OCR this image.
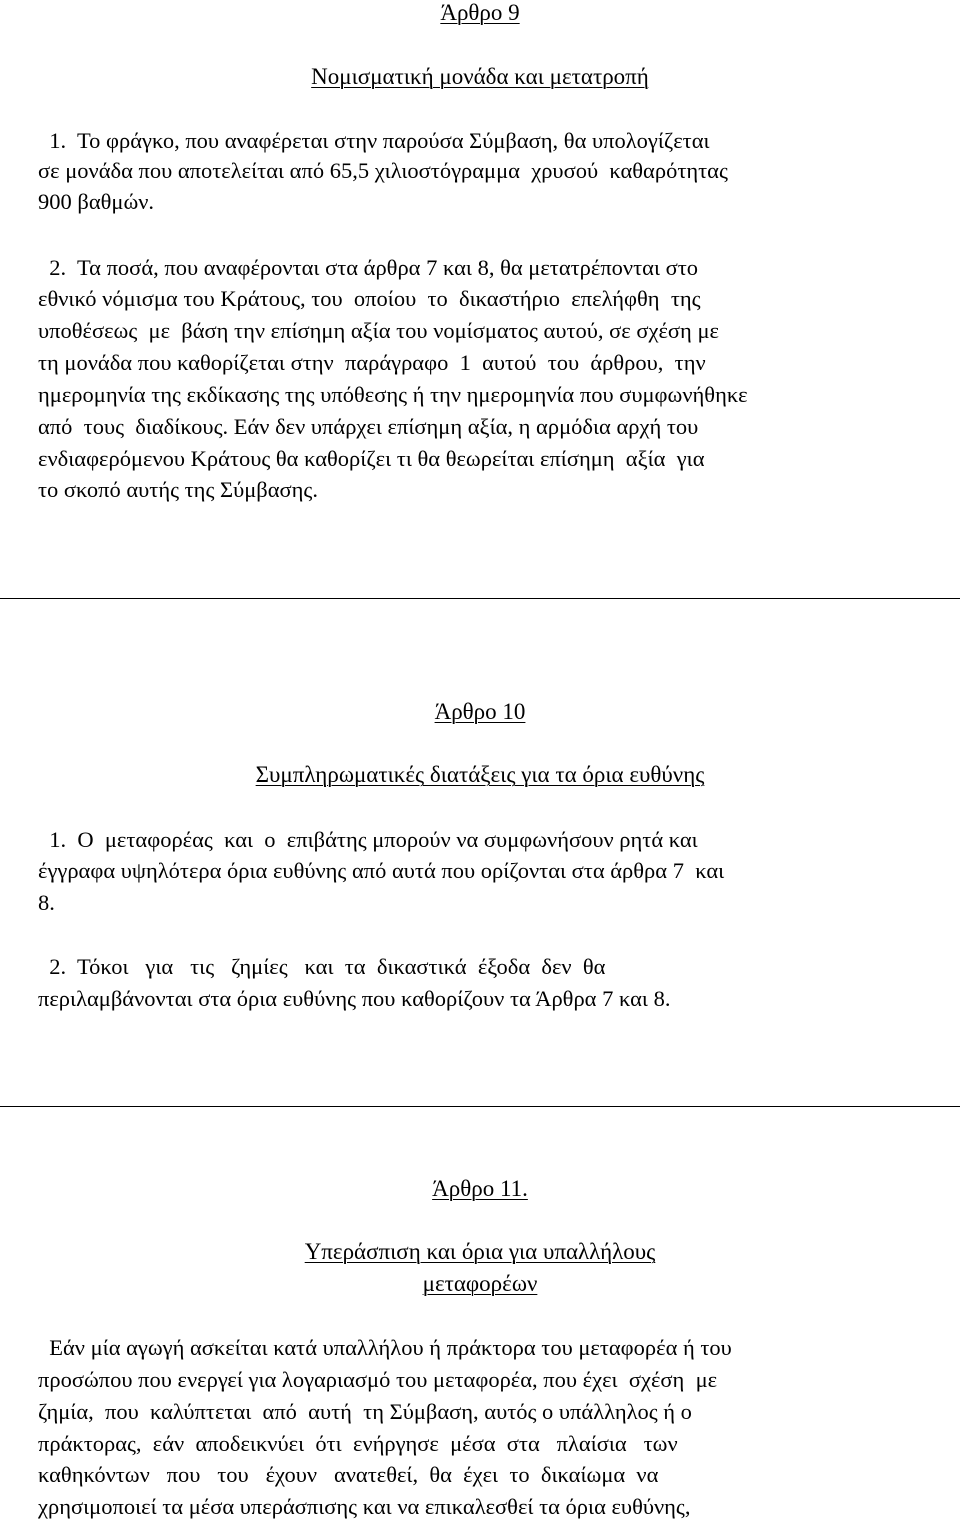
Άρθρο 9
Νομισματική μονάδα και μετατροπή
1.  Το φράγκο, που αναφέρεται στην παρούσα Σύμβαση, θα υπολογίζεται
σε μονάδα που αποτελείται από 65,5 χιλιοστόγραμμα  χρυσού  καθαρότητας
900 βαθμών.
2.  Τα ποσά, που αναφέρονται στα άρθρα 7 και 8, θα μετατρέπονται στο
εθνικό νόμισμα του Κράτους, του  οποίου  το  δικαστήριο  επελήφθη  της
υποθέσεως  με  βάση την επίσημη αξία του νομίσματος αυτού, σε σχέση με
τη μονάδα που καθορίζεται στην  παράγραφο  1  αυτού  του  άρθρου,  την
ημερομηνία της εκδίκασης της υπόθεσης ή την ημερομηνία που συμφωνήθηκε
από  τους  διαδίκους. Εάν δεν υπάρχει επίσημη αξία, η αρμόδια αρχή του
ενδιαφερόμενου Κράτους θα καθορίζει τι θα θεωρείται επίσημη  αξία  για
το σκοπό αυτής της Σύμβασης.
Άρθρο 10
Συμπληρωματικές διατάξεις για τα όρια ευθύνης
1.  Ο  μεταφορέας  και  ο  επιβάτης μπορούν να συμφωνήσουν ρητά και
έγγραφα υψηλότερα όρια ευθύνης από αυτά που ορίζονται στα άρθρα 7  και
8.
2.  Τόκοι   για   τις   ζημίες   και  τα  δικαστικά  έξοδα  δεν  θα
περιλαμβάνονται στα όρια ευθύνης που καθορίζουν τα Άρθρα 7 και 8.
Άρθρο 11.
Υπεράσπιση και όρια για υπαλλήλους
μεταφορέων
Εάν μία αγωγή ασκείται κατά υπαλλήλου ή πράκτορα του μεταφορέα ή του
προσώπου που ενεργεί για λογαριασμό του μεταφορέα, που έχει  σχέση  με
ζημία,  που  καλύπτεται  από  αυτή  τη Σύμβαση, αυτός ο υπάλληλος ή ο
πράκτορας,  εάν  αποδεικνύει  ότι  ενήργησε  μέσα  στα   πλαίσια   των
καθηκόντων   που   του   έχουν   ανατεθεί,  θα  έχει  το  δικαίωμα  να
χρησιμοποιεί τα μέσα υπεράσπισης και να επικαλεσθεί τα όρια ευθύνης,
